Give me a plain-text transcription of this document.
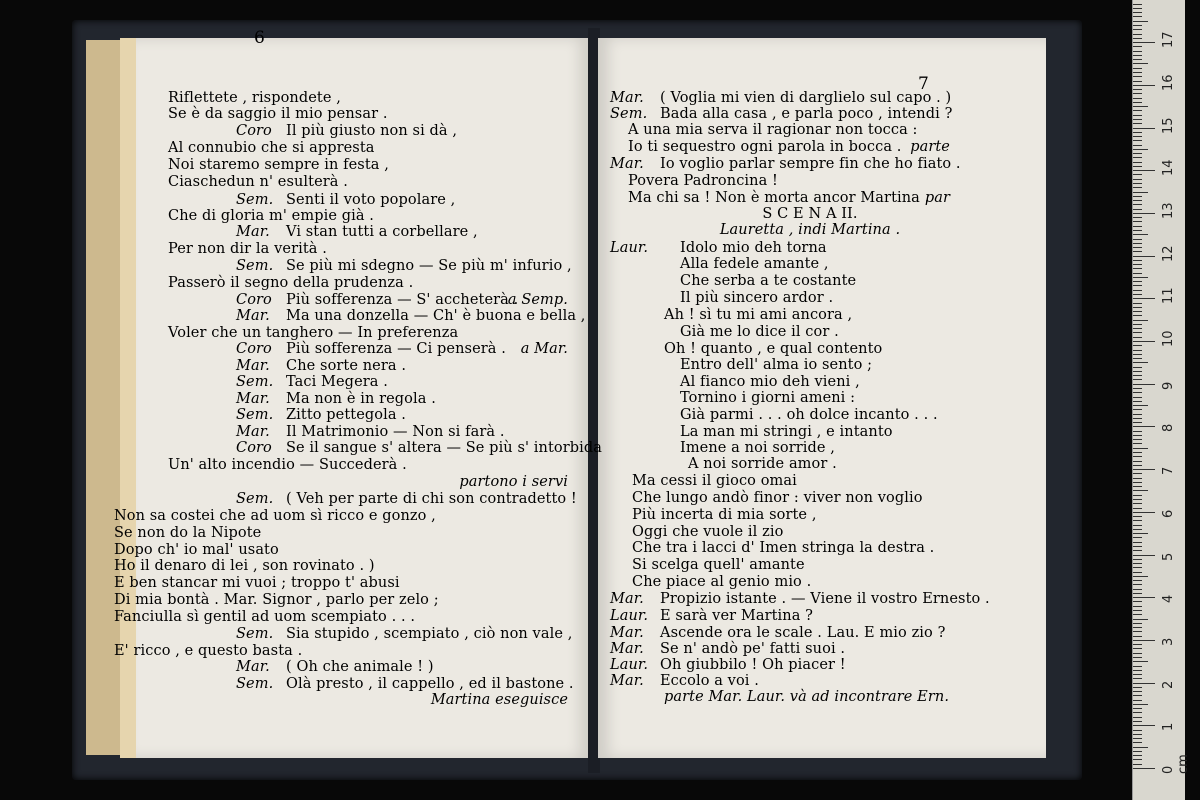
Riflettete , rispondete ,
Se è da saggio il mio pensar .
Coro Il più giusto non si dà ,
Al connubio che si appresta
Noi staremo sempre in festa ,
Ciaschedun n' esulterà .
Sem. Senti il voto popolare ,
Che di gloria m' empie già .
Mar. Vi stan tutti a corbellare ,
Per non dir la verità .
Sem. Se più mi sdegno — Se più m' infurio ,
Passerò il segno della prudenza .
Coro Più sofferenza — S' accheterà .
a Semp.
Mar. Ma una donzella — Ch' è buona e bella ,
Voler che un tanghero — In preferenza
Coro Più sofferenza — Ci penserà .	a Mar.
Mar. Che sorte nera .
Sem. Taci Megera .
Mar. Ma non è in regola .
Sem. Zitto pettegola .
Mar. Il Matrimonio — Non si farà .
Coro Se il sangue s' altera — Se più s' intorbida
Un' alto incendio — Succederà .
partono i servi
Sem. ( Veh per parte di chi son contradetto !
Non sa costei che ad uom sì ricco e gonzo ,
Se non do la Nipote
Dopo ch' io mal' usato
Ho il denaro di lei , son rovinato . )
E ben stancar mi vuoi ; troppo t' abusi
Di mia bontà . Mar. Signor , parlo per zelo ;
Fanciulla sì gentil ad uom scempiato . . .
Sem. Sia stupido , scempiato , ciò non vale ,
E' ricco , e questo basta .
Mar. ( Oh che animale ! )
Sem. Olà presto , il cappello , ed il bastone .
Martina eseguisce
Mar. ( Voglia mi vien di darglielo sul capo . )
Sem. Bada alla casa , e parla poco , intendi ?
A una mia serva il ragionar non tocca :
Io ti sequestro ogni parola in bocca . parte
Mar. Io voglio parlar sempre fin che ho fiato .
Povera Padroncina !
Ma chi sa ! Non è morta ancor Martina .
par
S C E N A II.
Lauretta , indi Martina .
Laur. Idolo mio deh torna
Alla fedele amante ,
Che serba a te costante
Il più sincero ardor .
Ah ! sì tu mi ami ancora ,
Già me lo dice il cor .
Oh ! quanto , e qual contento
Entro dell' alma io sento ;
Al fianco mio deh vieni ,
Tornino i giorni ameni :
Già parmi . . . oh dolce incanto . . .
La man mi stringi , e intanto
Imene a noi sorride ,
A noi sorride amor .
Ma cessi il gioco omai
Che lungo andò finor : viver non voglio
Più incerta di mia sorte ,
Oggi che vuole il zio
Che tra i lacci d' Imen stringa la destra .
Si scelga quell' amante
Che piace al genio mio .
Mar. Propizio istante . — Viene il vostro Ernesto .
Laur. E sarà ver Martina ?
Mar. Ascende ora le scale . Lau. E mio zio ?
Mar. Se n' andò pe' fatti suoi .
Laur. Oh giubbilo ! Oh piacer !
Mar. Eccolo a voi .
parte Mar. Laur. và ad incontrare Ern.
6
7
0 cm
1
2
3
4
5
6
7
8
9
10
11
12
13
14
15
16
17
